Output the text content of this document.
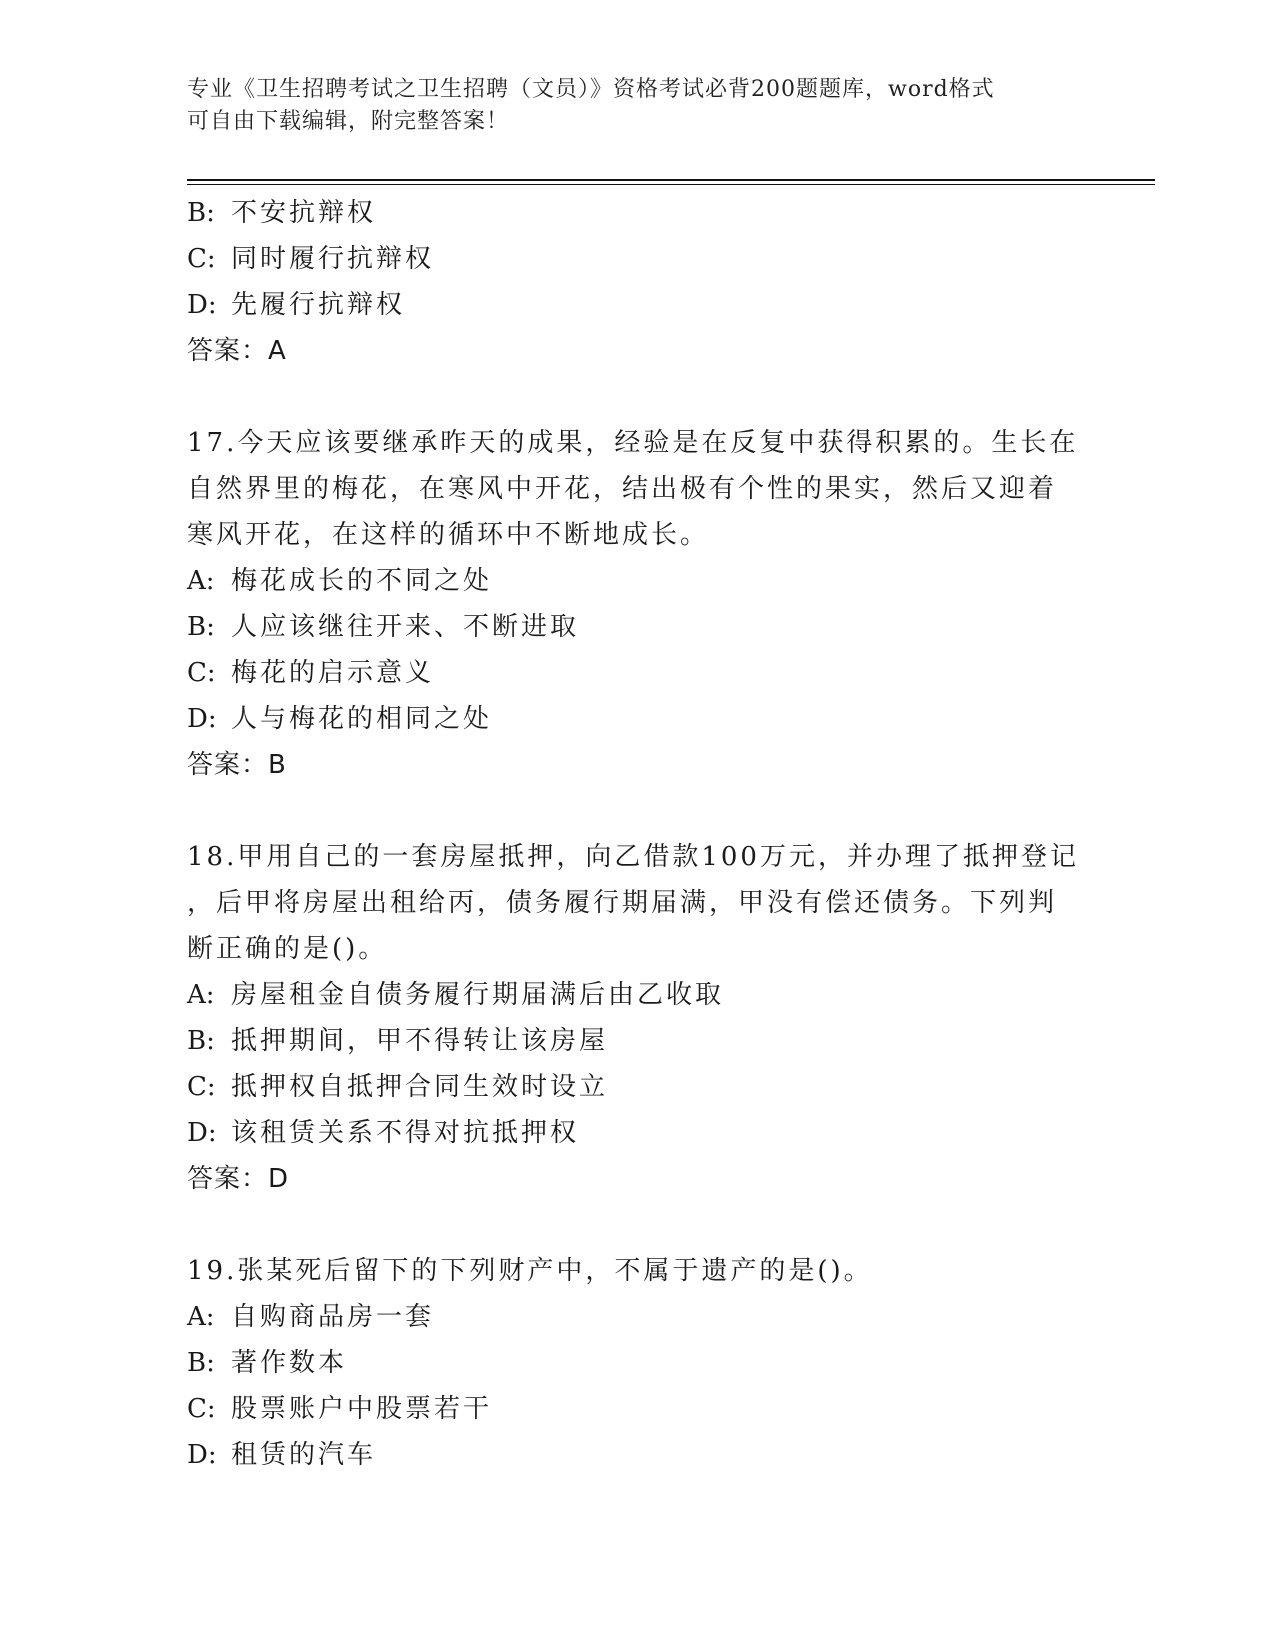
专业《卫生招聘考试之卫生招聘（文员）》资格考试必背200题题库，word格式
可自由下载编辑，附完整答案！
B: 不安抗辩权
C: 同时履行抗辩权
D: 先履行抗辩权
答案：A
17.今天应该要继承昨天的成果，经验是在反复中获得积累的。生长在
自然界里的梅花，在寒风中开花，结出极有个性的果实，然后又迎着
寒风开花，在这样的循环中不断地成长。
A: 梅花成长的不同之处
B: 人应该继往开来、不断进取
C: 梅花的启示意义
D: 人与梅花的相同之处
答案：B
18.甲用自己的一套房屋抵押，向乙借款100万元，并办理了抵押登记
，后甲将房屋出租给丙，债务履行期届满，甲没有偿还债务。下列判
断正确的是()。
A: 房屋租金自债务履行期届满后由乙收取
B: 抵押期间，甲不得转让该房屋
C: 抵押权自抵押合同生效时设立
D: 该租赁关系不得对抗抵押权
答案：D
19.张某死后留下的下列财产中，不属于遗产的是()。
A: 自购商品房一套
B: 著作数本
C: 股票账户中股票若干
D: 租赁的汽车
